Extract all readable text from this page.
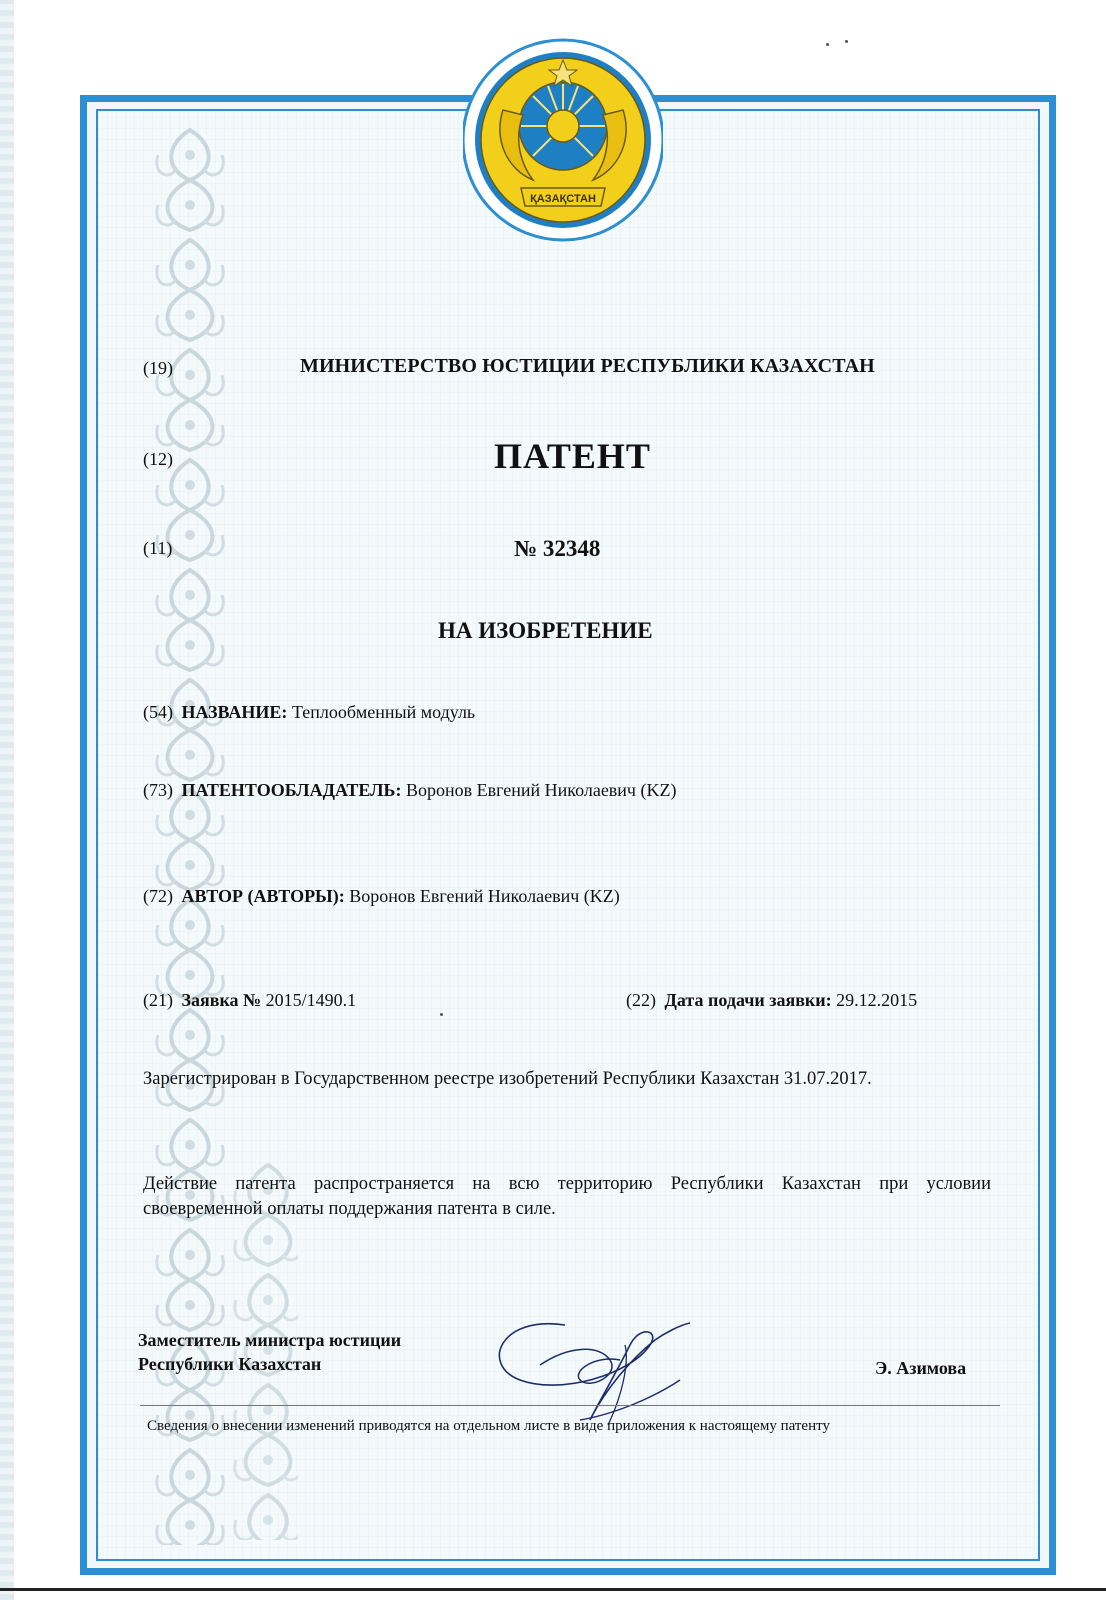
ҚАЗАҚСТАН
(19)	МИНИСТЕРСТВО ЮСТИЦИИ РЕСПУБЛИКИ КАЗАХСТАН
(12)	ПАТЕНТ
(11)	№ 32348
НА ИЗОБРЕТЕНИЕ
(54) НАЗВАНИЕ: Теплообменный модуль
(73) ПАТЕНТООБЛАДАТЕЛЬ: Воронов Евгений Николаевич (KZ)
(72) АВТОР (АВТОРЫ): Воронов Евгений Николаевич (KZ)
(21) Заявка № 2015/1490.1	(22) Дата подачи заявки: 29.12.2015
Зарегистрирован в Государственном реестре изобретений Республики Казахстан 31.07.2017.
Действие патента распространяется на всю территорию Республики Казахстан при условии своевременной оплаты поддержания патента в силе.
Заместитель министра юстиции
Республики Казахстан	Э. Азимова
Сведения о внесении изменений приводятся на отдельном листе в виде приложения к настоящему патенту
